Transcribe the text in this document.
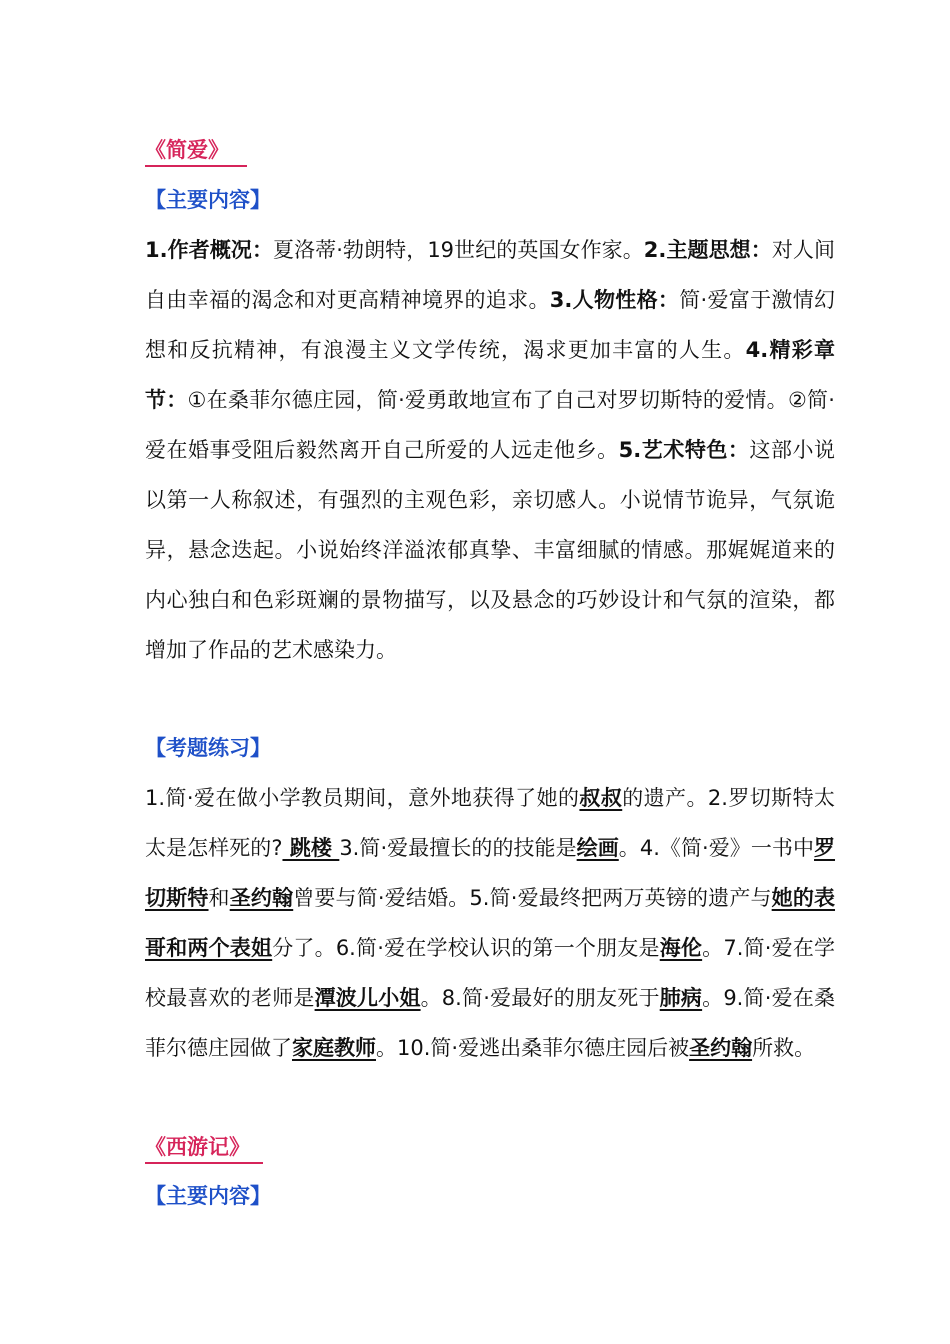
《简爱》
【主要内容】

1.作者概况：夏洛蒂·勃朗特，19世纪的英国女作家。2.主题思想：对人间自由幸福的渴念和对更高精神境界的追求。3.人物性格：简·爱富于激情幻想和反抗精神，有浪漫主义文学传统，渴求更加丰富的人生。4.精彩章节：①在桑菲尔德庄园，简·爱勇敢地宣布了自己对罗切斯特的爱情。②简·爱在婚事受阻后毅然离开自己所爱的人远走他乡。5.艺术特色：这部小说以第一人称叙述，有强烈的主观色彩，亲切感人。小说情节诡异，气氛诡异，悬念迭起。小说始终洋溢浓郁真挚、丰富细腻的情感。那娓娓道来的内心独白和色彩斑斓的景物描写，以及悬念的巧妙设计和气氛的渲染，都增加了作品的艺术感染力。

【考题练习】

1.简·爱在做小学教员期间，意外地获得了她的叔叔的遗产。2.罗切斯特太太是怎样死的? 跳楼 3.简·爱最擅长的的技能是绘画。4.《简·爱》一书中罗切斯特和圣约翰曾要与简·爱结婚。5.简·爱最终把两万英镑的遗产与她的表哥和两个表姐分了。6.简·爱在学校认识的第一个朋友是海伦。7.简·爱在学校最喜欢的老师是潭波儿小姐。8.简·爱最好的朋友死于肺病。9.简·爱在桑菲尔德庄园做了家庭教师。10.简·爱逃出桑菲尔德庄园后被圣约翰所救。

《西游记》
【主要内容】
